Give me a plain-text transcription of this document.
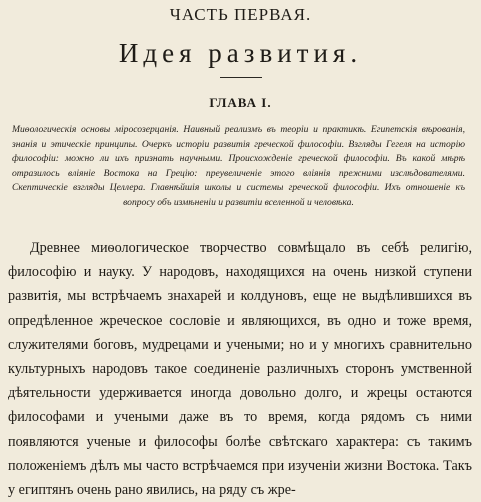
ЧАСТЬ ПЕРВАЯ.
Идея развития.
ГЛАВА I.

Миѳологическія основы міросозерцанія. Наивный реализмъ въ теоріи и практикѣ. Египетскія вѣрованія, знанія и этическіе принципы. Очеркъ исторіи развитія греческой философіи. Взгляды Гегеля на исторію философіи: можно ли ихъ признать научными. Происхожденіе греческой философіи. Въ какой мѣрѣ отразилось вліяніе Востока на Грецію: преувеличеніе этого вліянія прежними изслѣдователями. Скептическіе взгляды Целлера. Главнѣйшія школы и системы греческой философіи. Ихъ отношеніе къ вопросу объ измѣненіи и развитіи вселенной и человѣка.

Древнее миѳологическое творчество совмѣщало въ себѣ религію, философію и науку. У народовъ, находящихся на очень низкой ступени развитія, мы встрѣчаемъ знахарей и колдуновъ, еще не выдѣлившихся въ опредѣленное жреческое сословіе и являющихся, въ одно и тоже время, служителями боговъ, мудрецами и учеными; но и у многихъ сравнительно культурныхъ народовъ такое соединеніе различныхъ сторонъ умственной дѣятельности удерживается иногда довольно долго, и жрецы остаются философами и учеными даже въ то время, когда рядомъ съ ними появляются ученые и философы болѣе свѣтскаго характера: съ такимъ положеніемъ дѣлъ мы часто встрѣчаемся при изученіи жизни Востока. Такъ у египтянъ очень рано явились, на ряду съ жре-
